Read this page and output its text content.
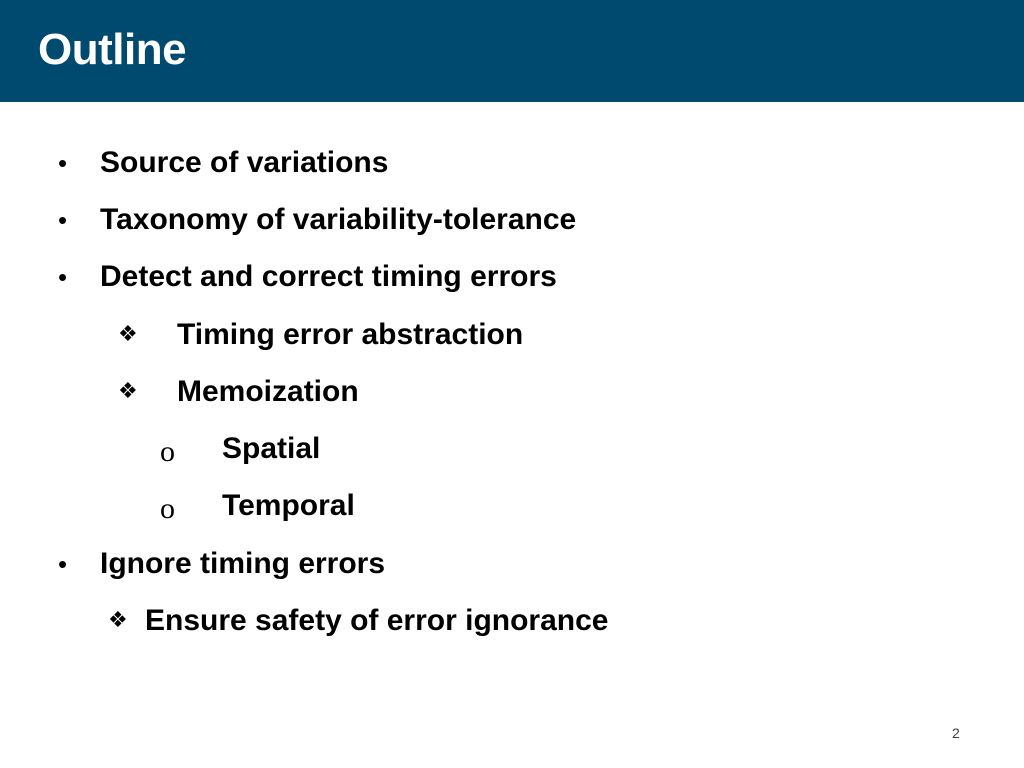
Outline
• Source of variations
• Taxonomy of variability-tolerance
• Detect and correct timing errors
❖ Timing error abstraction
❖ Memoization
o Spatial
o Temporal
• Ignore timing errors
❖ Ensure safety of error ignorance
2
